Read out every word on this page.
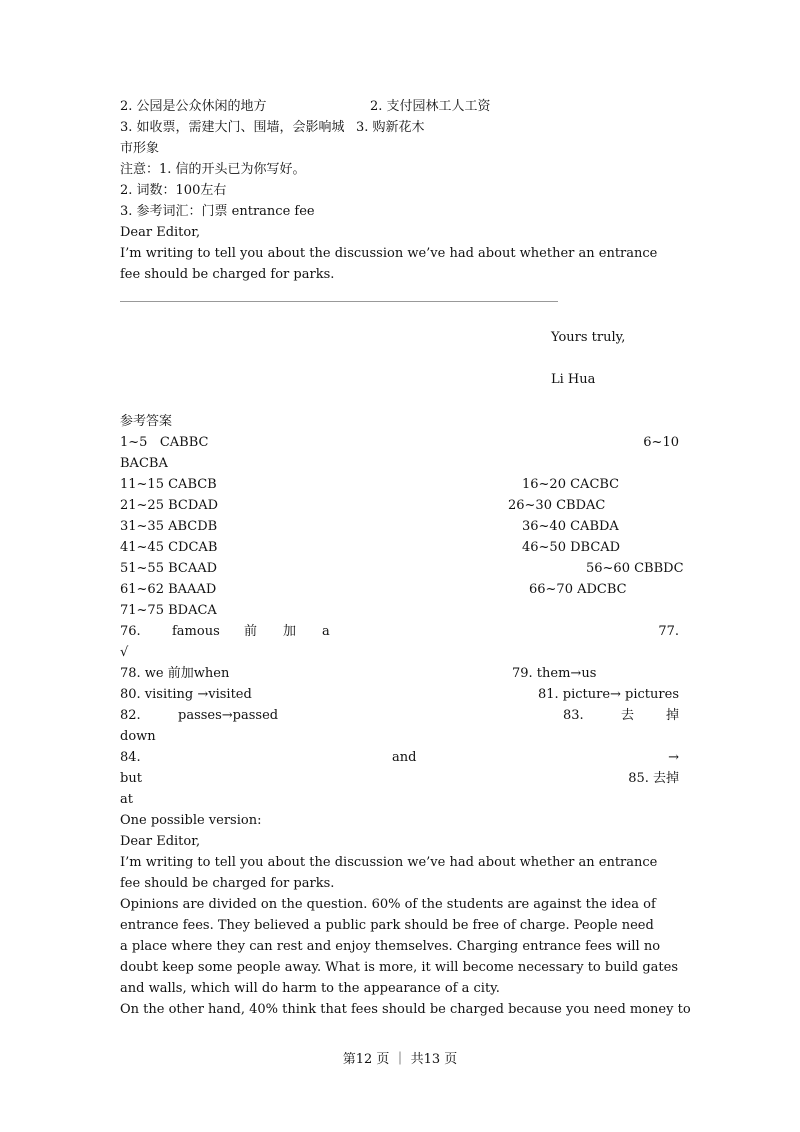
2. 公园是公众休闲的地方	2. 支付园林工人工资
3. 如收票，需建大门、围墙，会影响城 3. 购新花木
市形象
注意：1. 信的开头已为你写好。
2. 词数：100左右
3. 参考词汇：门票 entrance fee
Dear Editor,
I’m writing to tell you about the discussion we’ve had about whether an entrance
fee should be charged for parks.
Yours truly,
Li Hua
参考答案
1~5   CABBC	6~10
BACBA
11~15 CABCB	16~20 CACBC
21~25 BCDAD	26~30 CBDAC
31~35 ABCDB	36~40 CABDA
41~45 CDCAB	46~50 DBCAD
51~55 BCAAD	56~60 CBBDC
61~62 BAAAD	66~70 ADCBC
71~75 BDACA
76. famous 前 加 a	77.
√
78. we 前加when	79. them→us
80. visiting →visited	81. picture→ pictures
82.	passes→passed	83.	去 掉
down
84.	and	→
but	85. 去掉
at
One possible version:
Dear Editor,
I’m writing to tell you about the discussion we’ve had about whether an entrance
fee should be charged for parks.
Opinions are divided on the question. 60% of the students are against the idea of
entrance fees. They believed a public park should be free of charge. People need
a place where they can rest and enjoy themselves. Charging entrance fees will no
doubt keep some people away. What is more, it will become necessary to build gates
and walls, which will do harm to the appearance of a city.
On the other hand, 40% think that fees should be charged because you need money to
第12 页 ｜ 共13 页
